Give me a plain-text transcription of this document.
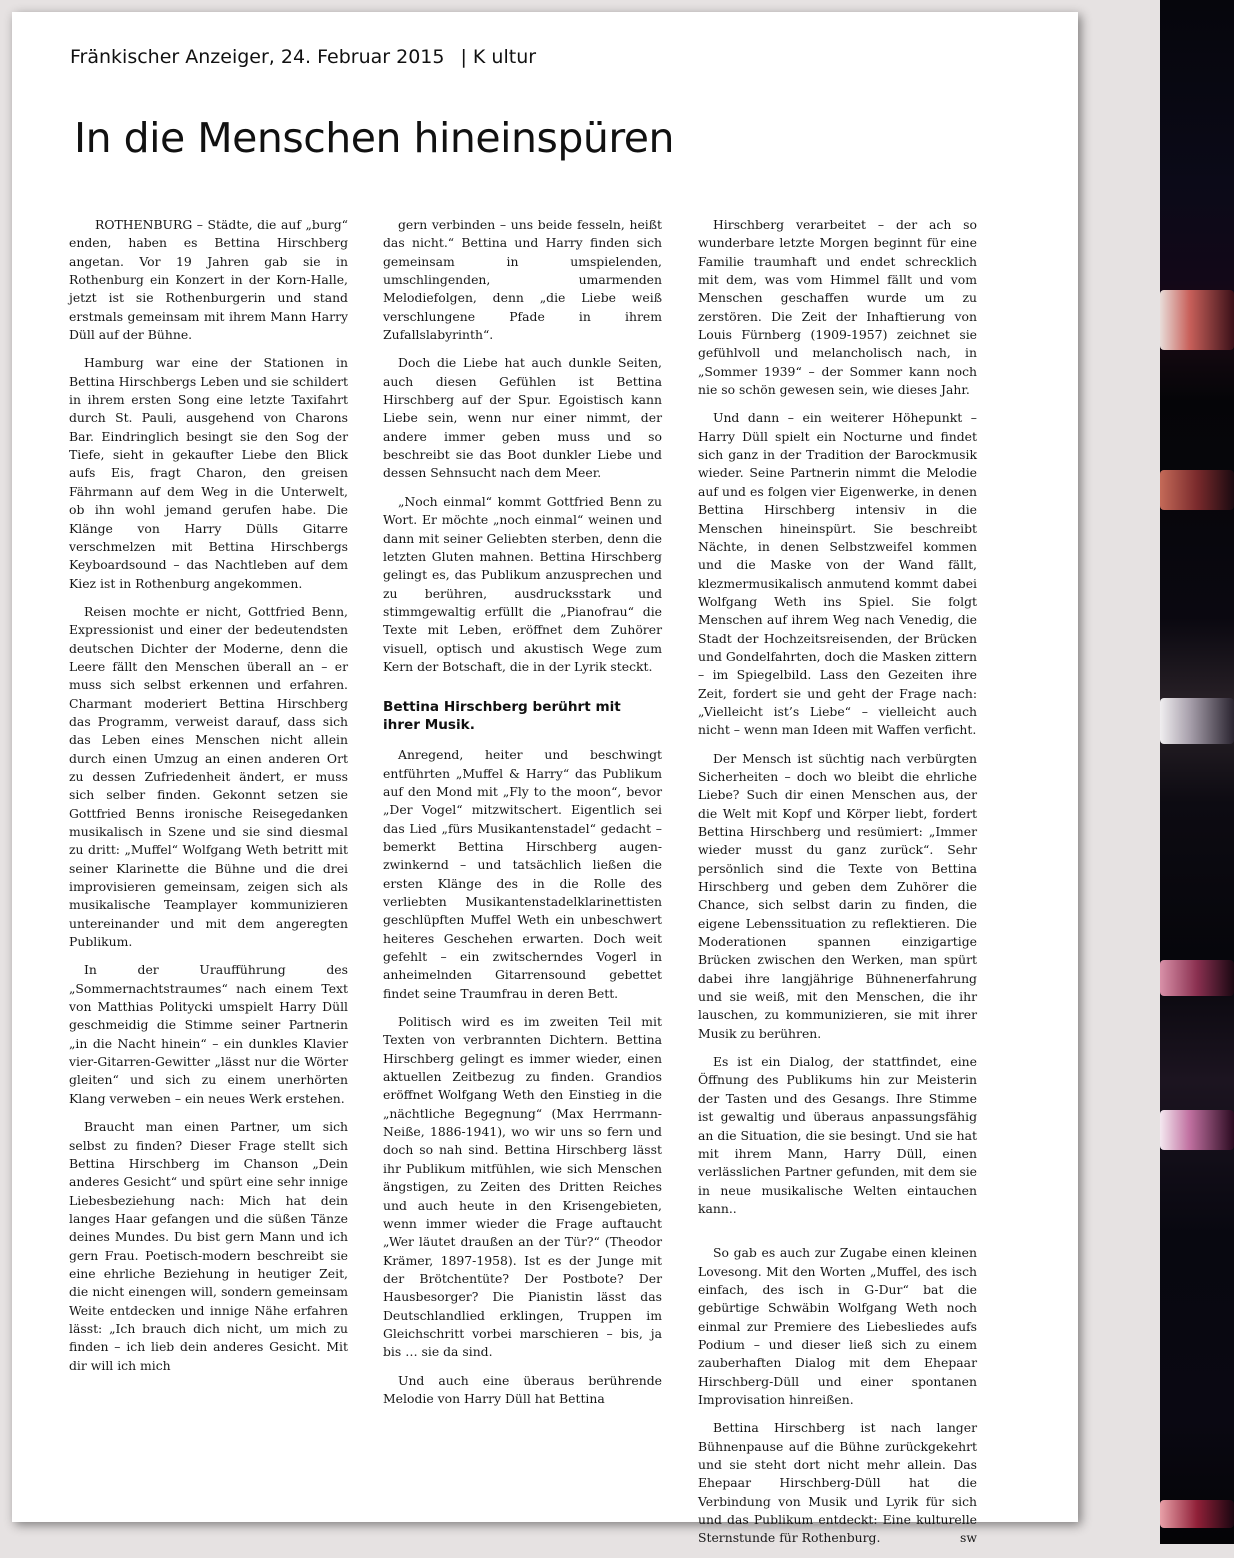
Fränkischer Anzeiger, 24. Februar 2015 | K ultur
In die Menschen hineinspüren

ROTHENBURG – Städte, die auf „burg“ enden, haben es Bettina Hirschberg angetan. Vor 19 Jahren gab sie in Rothenburg ein Konzert in der Korn-Halle, jetzt ist sie Rothenburgerin und stand erstmals gemeinsam mit ihrem Mann Harry Düll auf der Bühne.

Hamburg war eine der Stationen in Bettina Hirschbergs Leben und sie schildert in ihrem ersten Song eine letzte Taxifahrt durch St. Pauli, ausgehend von Charons Bar. Eindringlich besingt sie den Sog der Tiefe, sieht in gekaufter Liebe den Blick aufs Eis, fragt Charon, den greisen Fährmann auf dem Weg in die Unterwelt, ob ihn wohl jemand gerufen habe. Die Klänge von Harry Dülls Gitarre verschmelzen mit Bettina Hirschbergs Keyboardsound – das Nachtleben auf dem Kiez ist in Rothenburg angekommen.

Reisen mochte er nicht, Gottfried Benn, Expressionist und einer der bedeutendsten deutschen Dichter der Moderne, denn die Leere fällt den Menschen überall an – er muss sich selbst erkennen und erfahren. Charmant moderiert Bettina Hirschberg das Programm, verweist darauf, dass sich das Leben eines Menschen nicht allein durch einen Umzug an einen anderen Ort zu dessen Zufriedenheit ändert, er muss sich selber finden. Gekonnt setzen sie Gottfried Benns ironische Reisegedanken musikalisch in Szene und sie sind diesmal zu dritt: „Muffel“ Wolfgang Weth betritt mit seiner Klarinette die Bühne und die drei improvisieren gemeinsam, zeigen sich als musikalische Teamplayer kommunizieren untereinander und mit dem angeregten Publikum.

In der Uraufführung des „Sommernachtstraumes“ nach einem Text von Matthias Politycki umspielt Harry Düll geschmeidig die Stimme seiner Partnerin „in die Nacht hinein“ – ein dunkles Klavier vier-Gitarren-Gewitter „lässt nur die Wörter gleiten“ und sich zu einem unerhörten Klang verweben – ein neues Werk erstehen.

Braucht man einen Partner, um sich selbst zu finden? Dieser Frage stellt sich Bettina Hirschberg im Chanson „Dein anderes Gesicht“ und spürt eine sehr innige Liebesbeziehung nach: Mich hat dein langes Haar gefangen und die süßen Tänze deines Mundes. Du bist gern Mann und ich gern Frau. Poetisch-modern beschreibt sie eine ehrliche Beziehung in heutiger Zeit, die nicht einengen will, sondern gemeinsam Weite entdecken und innige Nähe erfahren lässt: „Ich brauch dich nicht, um mich zu finden – ich lieb dein anderes Gesicht. Mit dir will ich mich

gern verbinden – uns beide fesseln, heißt das nicht.“ Bettina und Harry finden sich gemeinsam in umspielenden, umschlingenden, umarmenden Melodiefolgen, denn „die Liebe weiß verschlungene Pfade in ihrem Zufallslabyrinth“.

Doch die Liebe hat auch dunkle Seiten, auch diesen Gefühlen ist Bettina Hirschberg auf der Spur. Egoistisch kann Liebe sein, wenn nur einer nimmt, der andere immer geben muss und so beschreibt sie das Boot dunkler Liebe und dessen Sehnsucht nach dem Meer.

„Noch einmal“ kommt Gottfried Benn zu Wort. Er möchte „noch einmal“ weinen und dann mit seiner Geliebten sterben, denn die letzten Gluten mahnen. Bettina Hirschberg gelingt es, das Publikum anzusprechen und zu berühren, ausdrucksstark und stimmgewaltig erfüllt die „Pianofrau“ die Texte mit Leben, eröffnet dem Zuhörer visuell, optisch und akustisch Wege zum Kern der Botschaft, die in der Lyrik steckt.

Bettina Hirschberg berührt mit ihrer Musik.

Anregend, heiter und beschwingt entführten „Muffel & Harry“ das Publikum auf den Mond mit „Fly to the moon“, bevor „Der Vogel“ mitzwitschert. Eigentlich sei das Lied „fürs Musikantenstadel“ gedacht – bemerkt Bettina Hirschberg augen-zwinkernd – und tatsächlich ließen die ersten Klänge des in die Rolle des verliebten Musikantenstadelklarinettisten geschlüpften Muffel Weth ein unbeschwert heiteres Geschehen erwarten. Doch weit gefehlt – ein zwitscherndes Vogerl in anheimelnden Gitarrensound gebettet findet seine Traumfrau in deren Bett.

Politisch wird es im zweiten Teil mit Texten von verbrannten Dichtern. Bettina Hirschberg gelingt es immer wieder, einen aktuellen Zeitbezug zu finden. Grandios eröffnet Wolfgang Weth den Einstieg in die „nächtliche Begegnung“ (Max Herrmann-Neiße, 1886-1941), wo wir uns so fern und doch so nah sind. Bettina Hirschberg lässt ihr Publikum mitfühlen, wie sich Menschen ängstigen, zu Zeiten des Dritten Reiches und auch heute in den Krisengebieten, wenn immer wieder die Frage auftaucht „Wer läutet draußen an der Tür?“ (Theodor Krämer, 1897-1958). Ist es der Junge mit der Brötchentüte? Der Postbote? Der Hausbesorger? Die Pianistin lässt das Deutschlandlied erklingen, Truppen im Gleichschritt vorbei marschieren – bis, ja bis … sie da sind.

Und auch eine überaus berührende Melodie von Harry Düll hat Bettina

Hirschberg verarbeitet – der ach so wunderbare letzte Morgen beginnt für eine Familie traumhaft und endet schrecklich mit dem, was vom Himmel fällt und vom Menschen geschaffen wurde um zu zerstören. Die Zeit der Inhaftierung von Louis Fürnberg (1909-1957) zeichnet sie gefühlvoll und melancholisch nach, in „Sommer 1939“ – der Sommer kann noch nie so schön gewesen sein, wie dieses Jahr.

Und dann – ein weiterer Höhepunkt – Harry Düll spielt ein Nocturne und findet sich ganz in der Tradition der Barockmusik wieder. Seine Partnerin nimmt die Melodie auf und es folgen vier Eigenwerke, in denen Bettina Hirschberg intensiv in die Menschen hineinspürt. Sie beschreibt Nächte, in denen Selbstzweifel kommen und die Maske von der Wand fällt, klezmermusikalisch anmutend kommt dabei Wolfgang Weth ins Spiel. Sie folgt Menschen auf ihrem Weg nach Venedig, die Stadt der Hochzeitsreisenden, der Brücken und Gondelfahrten, doch die Masken zittern – im Spiegelbild. Lass den Gezeiten ihre Zeit, fordert sie und geht der Frage nach: „Vielleicht ist’s Liebe“ – vielleicht auch nicht – wenn man Ideen mit Waffen verficht.

Der Mensch ist süchtig nach verbürgten Sicherheiten – doch wo bleibt die ehrliche Liebe? Such dir einen Menschen aus, der die Welt mit Kopf und Körper liebt, fordert Bettina Hirschberg und resümiert: „Immer wieder musst du ganz zurück“. Sehr persönlich sind die Texte von Bettina Hirschberg und geben dem Zuhörer die Chance, sich selbst darin zu finden, die eigene Lebenssituation zu reflektieren. Die Moderationen spannen einzigartige Brücken zwischen den Werken, man spürt dabei ihre langjährige Bühnenerfahrung und sie weiß, mit den Menschen, die ihr lauschen, zu kommunizieren, sie mit ihrer Musik zu berühren.

Es ist ein Dialog, der stattfindet, eine Öffnung des Publikums hin zur Meisterin der Tasten und des Gesangs. Ihre Stimme ist gewaltig und überaus anpassungsfähig an die Situation, die sie besingt. Und sie hat mit ihrem Mann, Harry Düll, einen verlässlichen Partner gefunden, mit dem sie in neue musikalische Welten eintauchen kann..

So gab es auch zur Zugabe einen kleinen Lovesong. Mit den Worten „Muffel, des isch einfach, des isch in G-Dur“ bat die gebürtige Schwäbin Wolfgang Weth noch einmal zur Premiere des Liebesliedes aufs Podium – und dieser ließ sich zu einem zauberhaften Dialog mit dem Ehepaar Hirschberg-Düll und einer spontanen Improvisation hinreißen.

Bettina Hirschberg ist nach langer Bühnenpause auf die Bühne zurückgekehrt und sie steht dort nicht mehr allein. Das Ehepaar Hirschberg-Düll hat die Verbindung von Musik und Lyrik für sich und das Publikum entdeckt: Eine kulturelle Sternstunde für Rothenburg.	sw
